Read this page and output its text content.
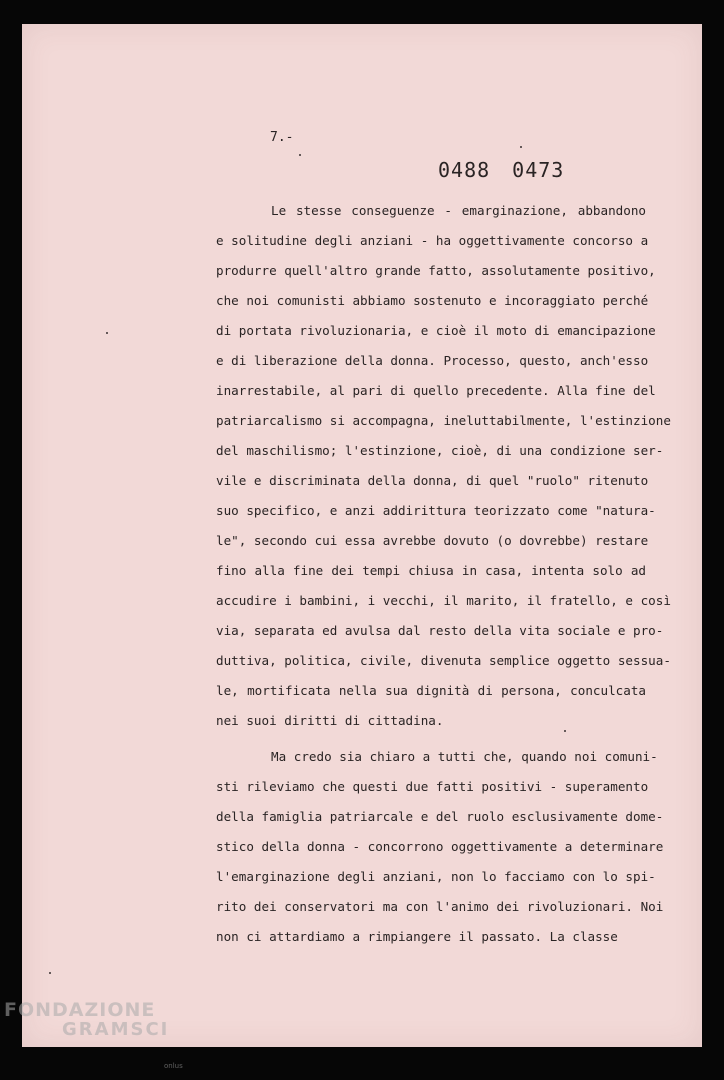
7.-
0488 0473
Le stesse conseguenze - emarginazione, abbandono
e solitudine degli anziani - ha oggettivamente concorso a
produrre quell'altro grande fatto, assolutamente positivo,
che noi comunisti abbiamo sostenuto e incoraggiato perché
di portata rivoluzionaria, e cioè il moto di emancipazione
e di liberazione della donna. Processo, questo, anch'esso
inarrestabile, al pari di quello precedente. Alla fine del
patriarcalismo si accompagna, ineluttabilmente, l'estinzione
del maschilismo; l'estinzione, cioè, di una condizione ser-
vile e discriminata della donna, di quel "ruolo" ritenuto
suo specifico, e anzi addirittura teorizzato come "natura-
le", secondo cui essa avrebbe dovuto (o dovrebbe) restare
fino alla fine dei tempi chiusa in casa, intenta solo ad
accudire i bambini, i vecchi, il marito, il fratello, e così
via, separata ed avulsa dal resto della vita sociale e pro-
duttiva, politica, civile, divenuta semplice oggetto sessua-
le, mortificata nella sua dignità di persona, conculcata
nei suoi diritti di cittadina.
Ma credo sia chiaro a tutti che, quando noi comuni-
sti rileviamo che questi due fatti positivi - superamento
della famiglia patriarcale e del ruolo esclusivamente dome-
stico della donna - concorrono oggettivamente a determinare
l'emarginazione degli anziani, non lo facciamo con lo spi-
rito dei conservatori ma con l'animo dei rivoluzionari. Noi
non ci attardiamo a rimpiangere il passato. La classe
FONDAZIONE
GRAMSCI
onlus
